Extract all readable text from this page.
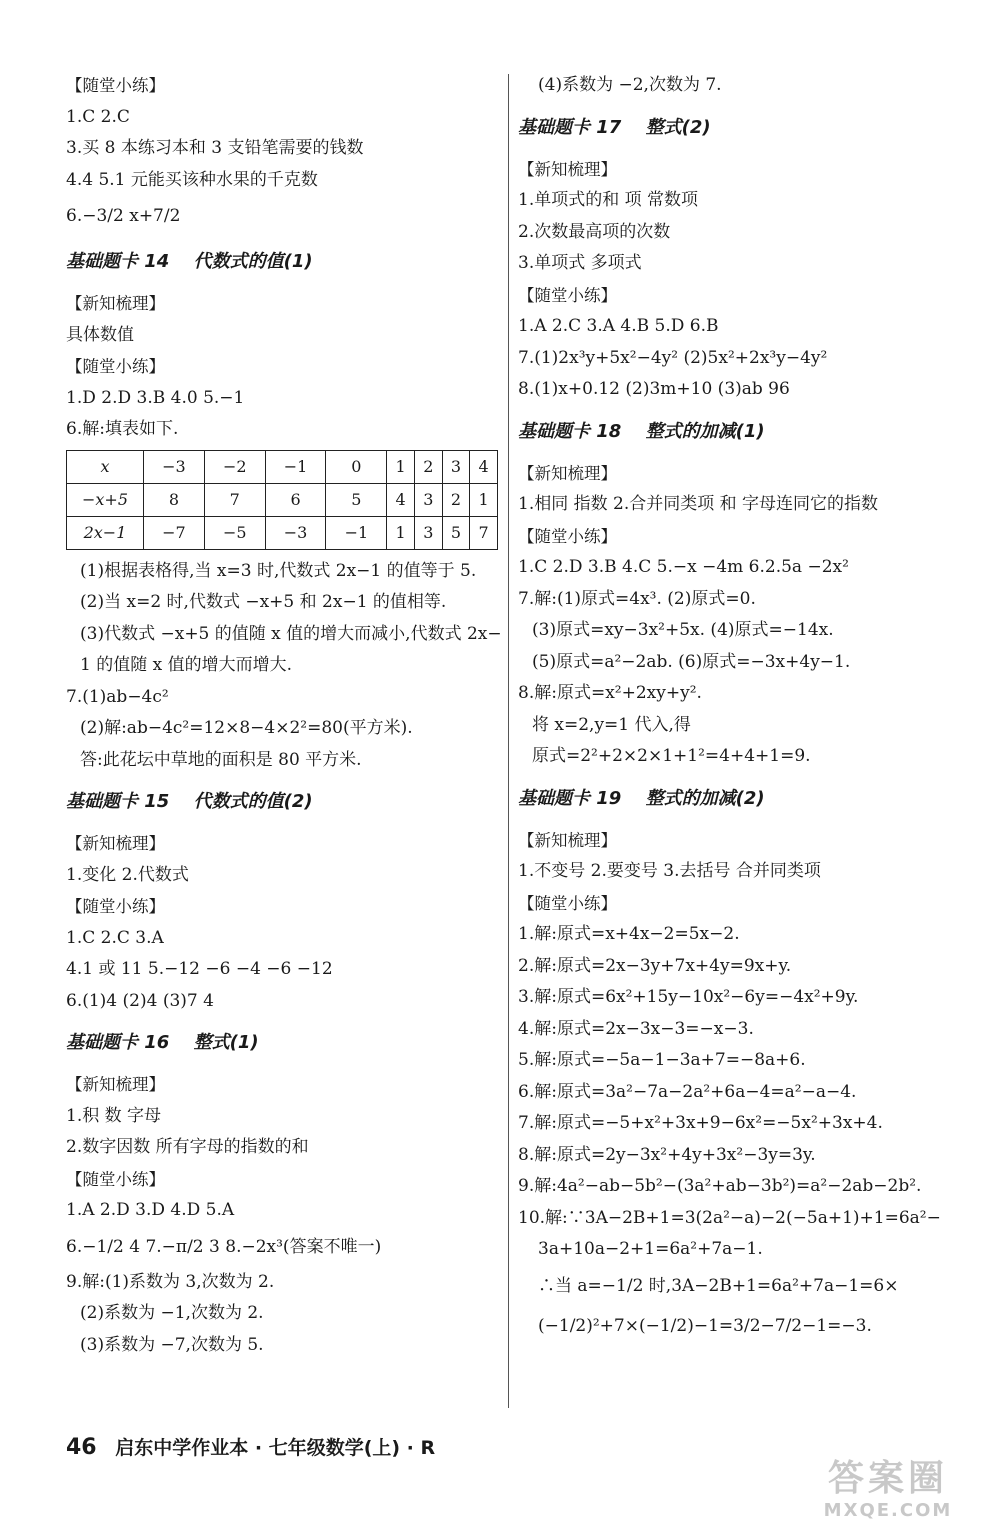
【随堂小练】
1.C 2.C
3.买 8 本练习本和 3 支铅笔需要的钱数
4.4 5.1 元能买该种水果的千克数
6.−3/2 x+7/2
基础题卡 14 代数式的值(1)
【新知梳理】
具体数值
【随堂小练】
1.D 2.D 3.B 4.0 5.−1
6.解:填表如下.
x	−3	−2	−1	0	1	2	3	4
−x+5	8	7	6	5	4	3	2	1
2x−1	−7	−5	−3	−1	1	3	5	7
(1)根据表格得,当 x=3 时,代数式 2x−1 的值等于 5.
(2)当 x=2 时,代数式 −x+5 和 2x−1 的值相等.
(3)代数式 −x+5 的值随 x 值的增大而减小,代数式 2x−
1 的值随 x 值的增大而增大.
7.(1)ab−4c²
(2)解:ab−4c²=12×8−4×2²=80(平方米).
答:此花坛中草地的面积是 80 平方米.
基础题卡 15 代数式的值(2)
【新知梳理】
1.变化 2.代数式
【随堂小练】
1.C 2.C 3.A
4.1 或 11 5.−12 −6 −4 −6 −12
6.(1)4 (2)4 (3)7 4
基础题卡 16 整式(1)
【新知梳理】
1.积 数 字母
2.数字因数 所有字母的指数的和
【随堂小练】
1.A 2.D 3.D 4.D 5.A
6.−1/2 4 7.−π/2 3 8.−2x³(答案不唯一)
9.解:(1)系数为 3,次数为 2.
(2)系数为 −1,次数为 2.
(3)系数为 −7,次数为 5.
(4)系数为 −2,次数为 7.
基础题卡 17 整式(2)
【新知梳理】
1.单项式的和 项 常数项
2.次数最高项的次数
3.单项式 多项式
【随堂小练】
1.A 2.C 3.A 4.B 5.D 6.B
7.(1)2x³y+5x²−4y² (2)5x²+2x³y−4y²
8.(1)x+0.12 (2)3m+10 (3)ab 96
基础题卡 18 整式的加减(1)
【新知梳理】
1.相同 指数 2.合并同类项 和 字母连同它的指数
【随堂小练】
1.C 2.D 3.B 4.C 5.−x −4m 6.2.5a −2x²
7.解:(1)原式=4x³. (2)原式=0.
(3)原式=xy−3x²+5x. (4)原式=−14x.
(5)原式=a²−2ab. (6)原式=−3x+4y−1.
8.解:原式=x²+2xy+y².
将 x=2,y=1 代入,得
原式=2²+2×2×1+1²=4+4+1=9.
基础题卡 19 整式的加减(2)
【新知梳理】
1.不变号 2.要变号 3.去括号 合并同类项
【随堂小练】
1.解:原式=x+4x−2=5x−2.
2.解:原式=2x−3y+7x+4y=9x+y.
3.解:原式=6x²+15y−10x²−6y=−4x²+9y.
4.解:原式=2x−3x−3=−x−3.
5.解:原式=−5a−1−3a+7=−8a+6.
6.解:原式=3a²−7a−2a²+6a−4=a²−a−4.
7.解:原式=−5+x²+3x+9−6x²=−5x²+3x+4.
8.解:原式=2y−3x²+4y+3x²−3y=3y.
9.解:4a²−ab−5b²−(3a²+ab−3b²)=a²−2ab−2b².
10.解:∵3A−2B+1=3(2a²−a)−2(−5a+1)+1=6a²−
3a+10a−2+1=6a²+7a−1.
∴当 a=−1/2 时,3A−2B+1=6a²+7a−1=6×
(−1/2)²+7×(−1/2)−1=3/2−7/2−1=−3.
46 启东中学作业本 · 七年级数学(上) · R
答案圈
MXQE.COM
